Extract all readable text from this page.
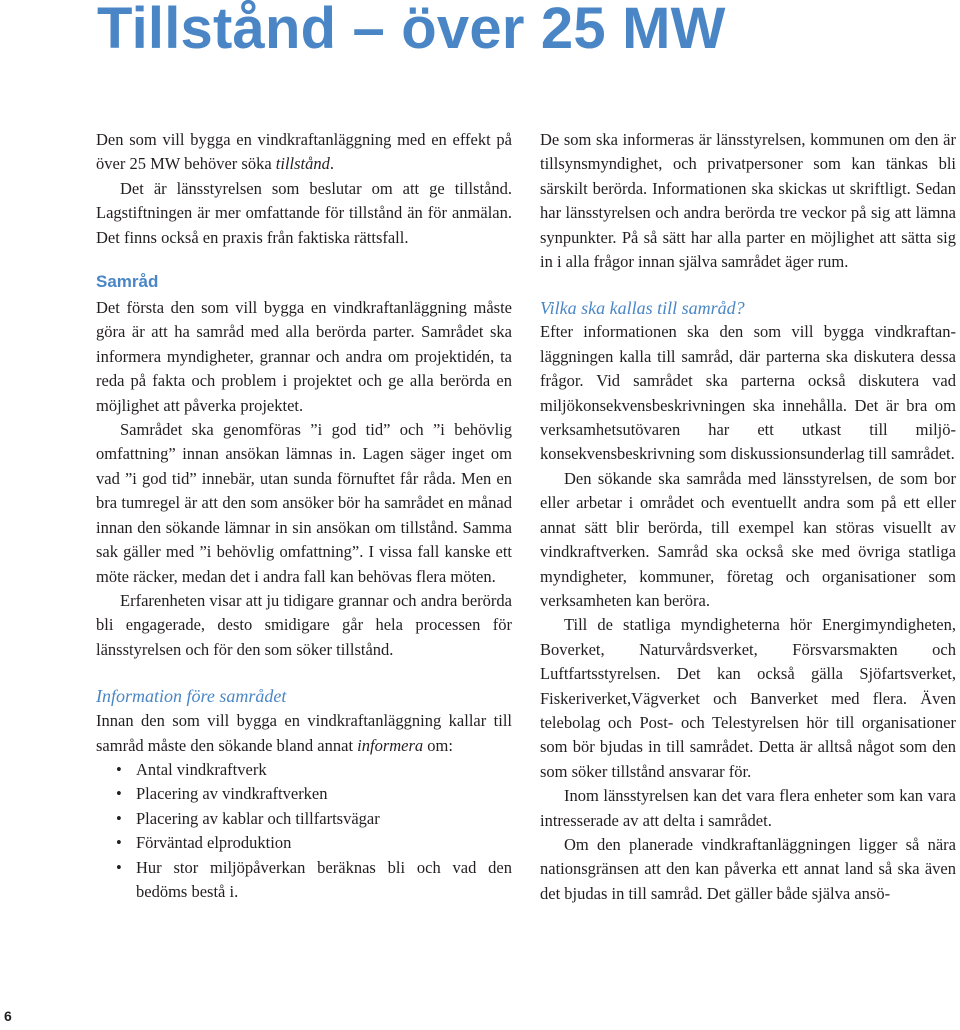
Tillstånd – över 25 MW

Den som vill bygga en vindkraftanläggning med en effekt på över 25 MW behöver söka tillstånd.

Det är länsstyrelsen som beslutar om att ge tillstånd. Lagstiftningen är mer omfattande för tillstånd än för anmälan. Det finns också en praxis från faktiska rättsfall.

Samråd

Det första den som vill bygga en vindkraftanläggning måste göra är att ha samråd med alla berörda parter. Samrådet ska informera myndigheter, grannar och andra om projektidén, ta reda på fakta och problem i projektet och ge alla berörda en möjlighet att påverka projektet.

Samrådet ska genomföras ”i god tid” och ”i behövlig omfattning” innan ansökan lämnas in. Lagen säger inget om vad ”i god tid” innebär, utan sunda förnuftet får råda. Men en bra tumregel är att den som ansöker bör ha samrådet en månad innan den sökande lämnar in sin ansökan om tillstånd. Samma sak gäller med ”i behövlig omfattning”. I vissa fall kanske ett möte räcker, medan det i andra fall kan behövas flera möten.

Erfarenheten visar att ju tidigare grannar och andra berörda bli engagerade, desto smidigare går hela processen för länsstyrelsen och för den som söker tillstånd.

Information före samrådet

Innan den som vill bygga en vindkraftanläggning kallar till samråd måste den sökande bland annat informera om:

• Antal vindkraftverk
• Placering av vindkraftverken
• Placering av kablar och tillfartsvägar
• Förväntad elproduktion
• Hur stor miljöpåverkan beräknas bli och vad den bedöms bestå i.

De som ska informeras är länsstyrelsen, kommunen om den är tillsynsmyndighet, och privatpersoner som kan tänkas bli särskilt berörda. Informationen ska skickas ut skriftligt. Sedan har länsstyrelsen och andra berörda tre veckor på sig att lämna synpunkter. På så sätt har alla parter en möjlighet att sätta sig in i alla frågor innan själva samrådet äger rum.

Vilka ska kallas till samråd?

Efter informationen ska den som vill bygga vindkraftanläggningen kalla till samråd, där parterna ska diskutera dessa frågor. Vid samrådet ska parterna också diskutera vad miljökonsekvensbeskrivningen ska innehålla. Det är bra om verksamhetsutövaren har ett utkast till miljökonsekvensbeskrivning som diskussionsunderlag till samrådet.

Den sökande ska samråda med länsstyrelsen, de som bor eller arbetar i området och eventuellt andra som på ett eller annat sätt blir berörda, till exempel kan störas visuellt av vindkraftverken. Samråd ska också ske med övriga statliga myndigheter, kommuner, företag och organisationer som verksamheten kan beröra.

Till de statliga myndigheterna hör Energimyndigheten, Boverket, Naturvårdsverket, Försvarsmakten och Luftfartsstyrelsen. Det kan också gälla Sjöfartsverket, Fiskeriverket,Vägverket och Banverket med flera. Även telebolag och Post- och Telestyrelsen hör till organisationer som bör bjudas in till samrådet. Detta är alltså något som den som söker tillstånd ansvarar för.

Inom länsstyrelsen kan det vara flera enheter som kan vara intresserade av att delta i samrådet.

Om den planerade vindkraftanläggningen ligger så nära nationsgränsen att den kan påverka ett annat land så ska även det bjudas in till samråd. Det gäller både själva ansö-

6
